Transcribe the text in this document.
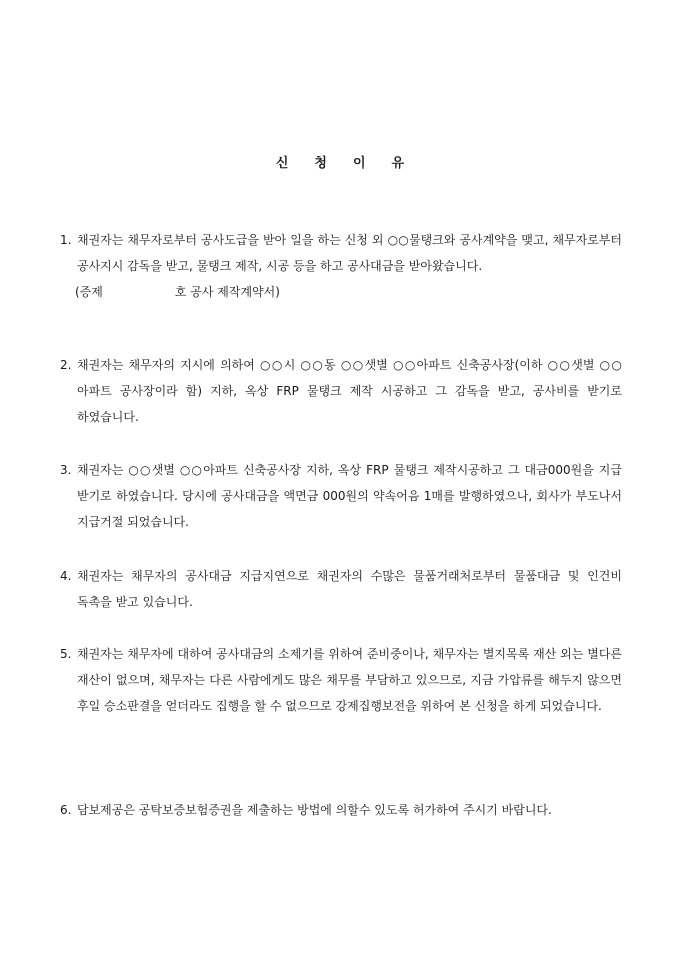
신청이유
1. 채권자는 채무자로부터 공사도급을 받아 일을 하는 신청 외 ○○물탱크와 공사계약을 맺고, 채무자로부터 공사지시 감독을 받고, 물탱크 제작, 시공 등을 하고 공사대금을 받아왔습니다.
(증제	호 공사 제작계약서)
2. 채권자는 채무자의 지시에 의하여 ○○시 ○○동 ○○샛별 ○○아파트 신축공사장(이하 ○○샛별 ○○아파트 공사장이라 함) 지하, 옥상 FRP 물탱크 제작 시공하고 그 감독을 받고, 공사비를 받기로 하였습니다.
3. 채권자는 ○○샛별 ○○아파트 신축공사장 지하, 옥상 FRP 물탱크 제작시공하고 그 대금000원을 지급 받기로 하였습니다. 당시에 공사대금을 액면금 000원의 약속어음 1매를 발행하였으나, 회사가 부도나서 지급거절 되었습니다.
4. 채권자는 채무자의 공사대금 지급지연으로 채권자의 수많은 물품거래처로부터 물품대금 및 인건비 독촉을 받고 있습니다.
5. 채권자는 채무자에 대하여 공사대금의 소제기를 위하여 준비중이나, 채무자는 별지목록 재산 외는 별다른 재산이 없으며, 채무자는 다른 사람에게도 많은 채무를 부담하고 있으므로, 지금 가압류를 해두지 않으면 후일 승소판결을 얻더라도 집행을 할 수 없으므로 강제집행보전을 위하여 본 신청을 하게 되었습니다.
6. 담보제공은 공탁보증보험증권을 제출하는 방법에 의할수 있도록 허가하여 주시기 바랍니다.
